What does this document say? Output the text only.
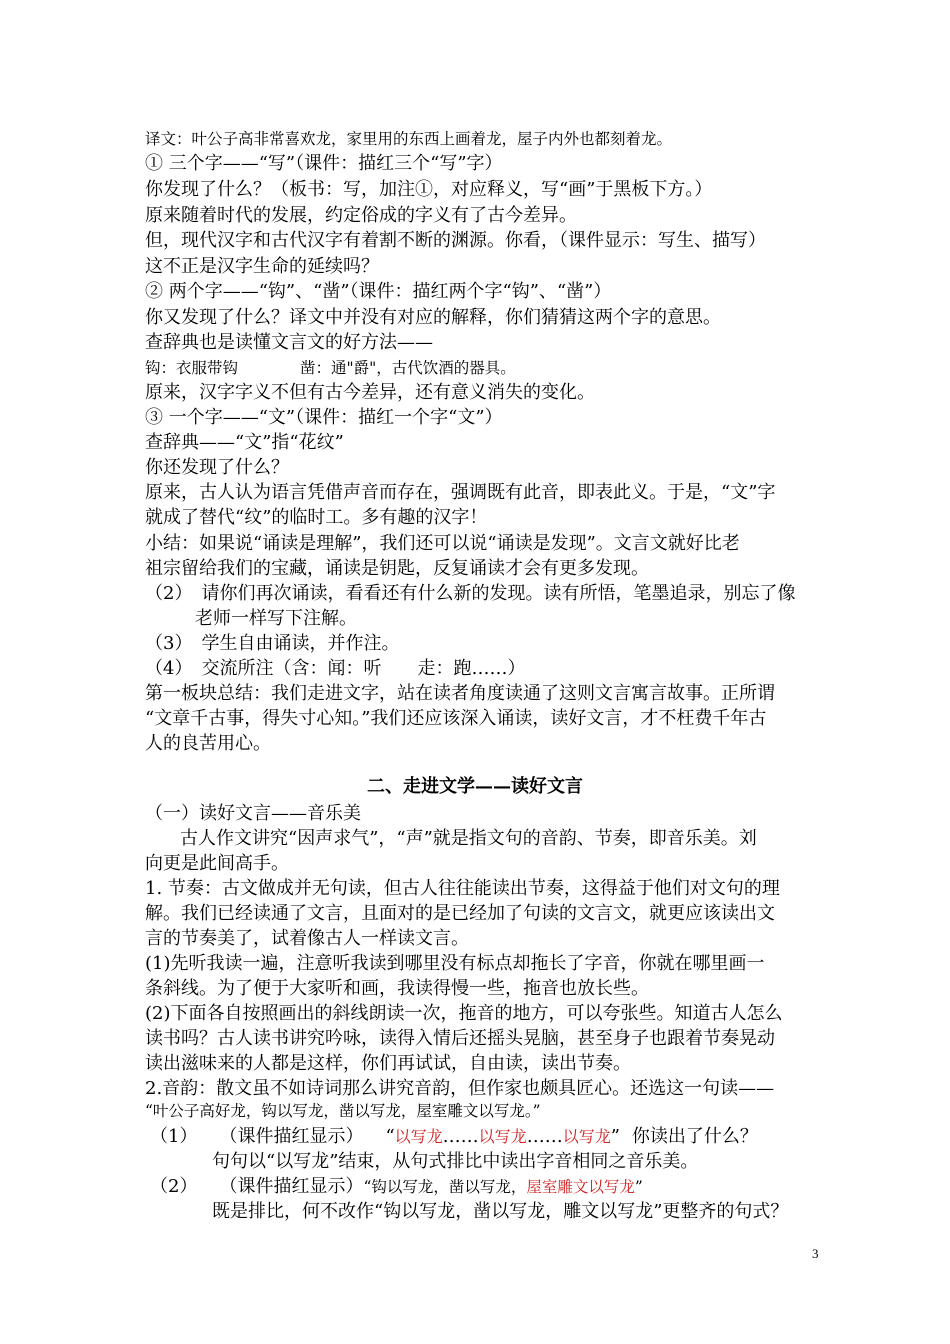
译文：叶公子高非常喜欢龙，家里用的东西上画着龙，屋子内外也都刻着龙。
① 三个字——“写”（课件：描红三个“写”字）
你发现了什么？（板书：写，加注①，对应释义，写“画”于黑板下方。）
原来随着时代的发展，约定俗成的字义有了古今差异。
但，现代汉字和古代汉字有着割不断的渊源。你看，（课件显示：写生、描写）
这不正是汉字生命的延续吗？
② 两个字——“钩”、“凿”（课件：描红两个字“钩”、“凿”）
你又发现了什么？译文中并没有对应的解释，你们猜猜这两个字的意思。
查辞典也是读懂文言文的好方法——
钩：衣服带钩　　　　凿：通"爵"，古代饮酒的器具。
原来，汉字字义不但有古今差异，还有意义消失的变化。
③ 一个字——“文”（课件：描红一个字“文”）
查辞典——“文”指“花纹”
你还发现了什么？
原来，古人认为语言凭借声音而存在，强调既有此音，即表此义。于是，“文”字
就成了替代“纹”的临时工。多有趣的汉字！
小结：如果说“诵读是理解”，我们还可以说“诵读是发现”。文言文就好比老
祖宗留给我们的宝藏，诵读是钥匙，反复诵读才会有更多发现。
（2）　请你们再次诵读，看看还有什么新的发现。读有所悟，笔墨追录，别忘了像
老师一样写下注解。
（3）　学生自由诵读，并作注。
（4）　交流所注（含：闻：听　　走：跑……）
第一板块总结：我们走进文字，站在读者角度读通了这则文言寓言故事。正所谓
“文章千古事，得失寸心知。”我们还应该深入诵读，读好文言，才不枉费千年古
人的良苦用心。
二、走进文学——读好文言
（一）读好文言——音乐美
古人作文讲究“因声求气”，“声”就是指文句的音韵、节奏，即音乐美。刘
向更是此间高手。
1. 节奏：古文做成并无句读，但古人往往能读出节奏，这得益于他们对文句的理
解。我们已经读通了文言，且面对的是已经加了句读的文言文，就更应该读出文
言的节奏美了，试着像古人一样读文言。
(1)先听我读一遍，注意听我读到哪里没有标点却拖长了字音，你就在哪里画一
条斜线。为了便于大家听和画，我读得慢一些，拖音也放长些。
(2)下面各自按照画出的斜线朗读一次，拖音的地方，可以夸张些。知道古人怎么
读书吗？古人读书讲究吟咏，读得入情后还摇头晃脑，甚至身子也跟着节奏晃动
读出滋味来的人都是这样，你们再试试，自由读，读出节奏。
2.音韵：散文虽不如诗词那么讲究音韵，但作家也颇具匠心。还选这一句读——
“叶公子高好龙，钩以写龙，凿以写龙，屋室雕文以写龙。”
（1） （课件描红显示） “以写龙……以写龙……以写龙” 你读出了什么？
句句以“以写龙”结束，从句式排比中读出字音相同之音乐美。
（2） （课件描红显示）“钩以写龙，凿以写龙，屋室雕文以写龙”
既是排比，何不改作“钩以写龙，凿以写龙，雕文以写龙”更整齐的句式？
3
